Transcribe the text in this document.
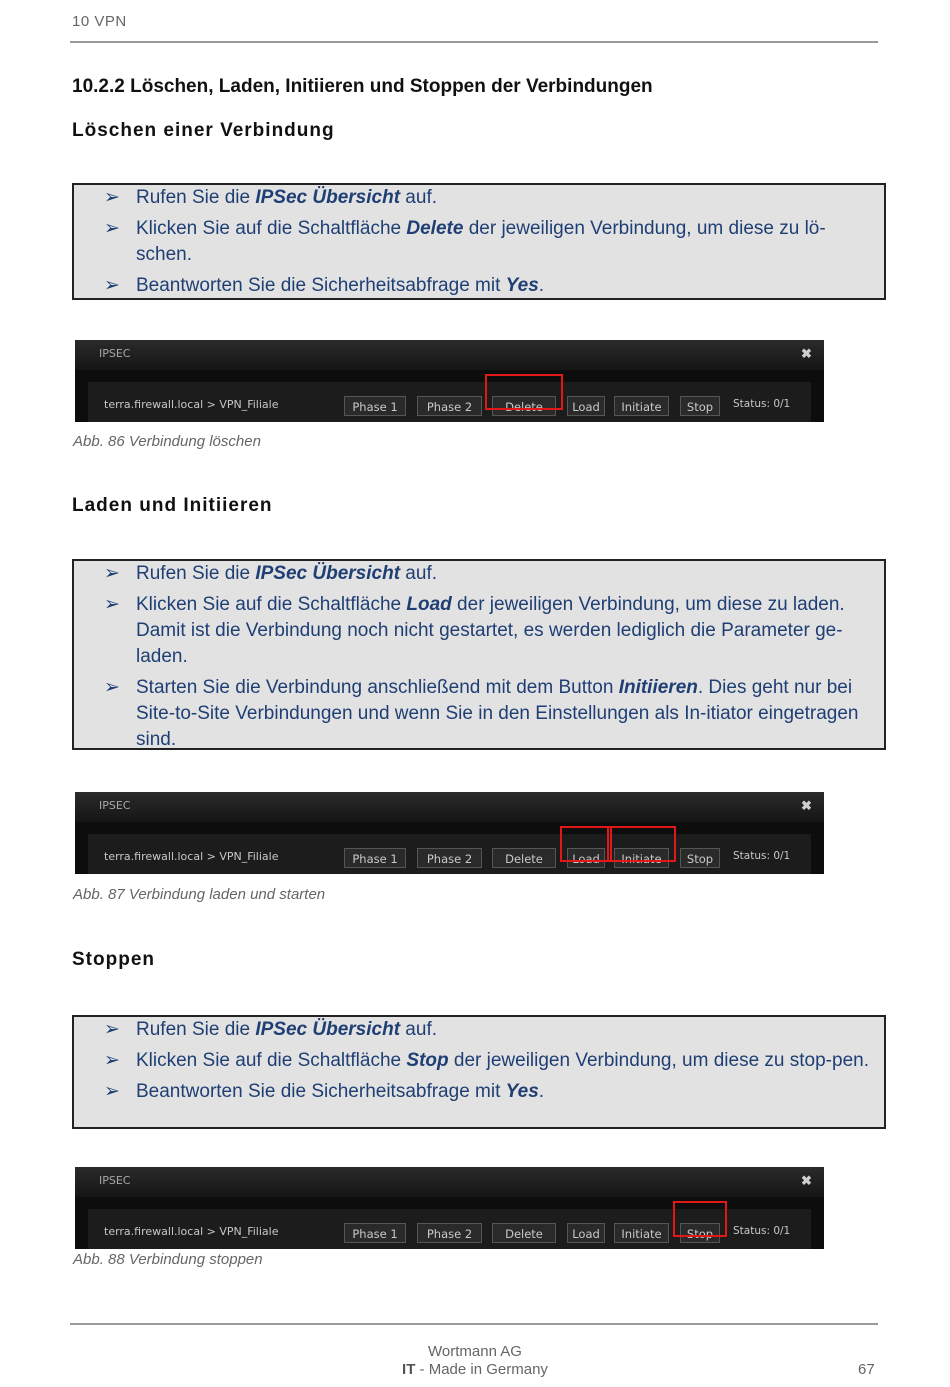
10 VPN
10.2.2 Löschen, Laden, Initiieren und Stoppen der Verbindungen
Löschen einer Verbindung
➢ Rufen Sie die IPSec Übersicht auf.
➢ Klicken Sie auf die Schaltfläche Delete der jeweiligen Verbindung, um diese zu lö-schen.
➢ Beantworten Sie die Sicherheitsabfrage mit Yes.
IPSEC	✖
terra.firewall.local > VPN_Filiale	Phase 1	Phase 2	Delete	Load	Initiate	Stop	Status: 0/1
Abb. 86 Verbindung löschen
Laden und Initiieren
➢ Rufen Sie die IPSec Übersicht auf.
➢ Klicken Sie auf die Schaltfläche Load der jeweiligen Verbindung, um diese zu laden. Damit ist die Verbindung noch nicht gestartet, es werden lediglich die Parameter ge-laden.
➢ Starten Sie die Verbindung anschließend mit dem Button Initiieren. Dies geht nur bei Site-to-Site Verbindungen und wenn Sie in den Einstellungen als In-itiator eingetragen sind.
IPSEC	✖
terra.firewall.local > VPN_Filiale	Phase 1	Phase 2	Delete	Load	Initiate	Stop	Status: 0/1
Abb. 87 Verbindung laden und starten
Stoppen
➢ Rufen Sie die IPSec Übersicht auf.
➢ Klicken Sie auf die Schaltfläche Stop der jeweiligen Verbindung, um diese zu stop-pen.
➢ Beantworten Sie die Sicherheitsabfrage mit Yes.
IPSEC	✖
terra.firewall.local > VPN_Filiale	Phase 1	Phase 2	Delete	Load	Initiate	Stop	Status: 0/1
Abb. 88 Verbindung stoppen
Wortmann AG
IT - Made in Germany	67
